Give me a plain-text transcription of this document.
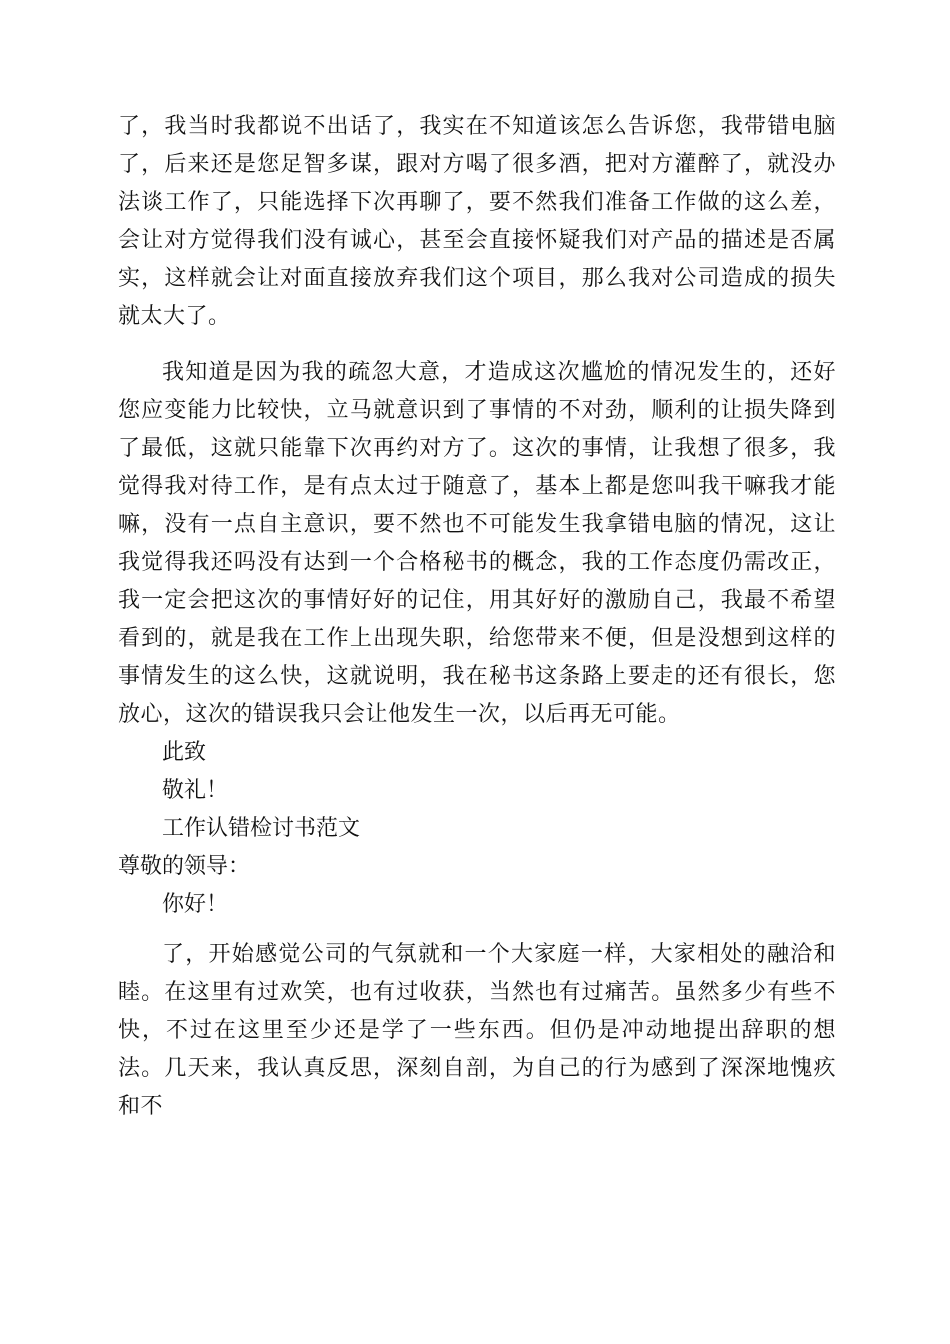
了，我当时我都说不出话了，我实在不知道该怎么告诉您，我带错电脑了，后来还是您足智多谋，跟对方喝了很多酒，把对方灌醉了，就没办法谈工作了，只能选择下次再聊了，要不然我们准备工作做的这么差，会让对方觉得我们没有诚心，甚至会直接怀疑我们对产品的描述是否属实，这样就会让对面直接放弃我们这个项目，那么我对公司造成的损失就太大了。

我知道是因为我的疏忽大意，才造成这次尴尬的情况发生的，还好您应变能力比较快，立马就意识到了事情的不对劲，顺利的让损失降到了最低，这就只能靠下次再约对方了。这次的事情，让我想了很多，我觉得我对待工作，是有点太过于随意了，基本上都是您叫我干嘛我才能嘛，没有一点自主意识，要不然也不可能发生我拿错电脑的情况，这让我觉得我还吗没有达到一个合格秘书的概念，我的工作态度仍需改正，我一定会把这次的事情好好的记住，用其好好的激励自己，我最不希望看到的，就是我在工作上出现失职，给您带来不便，但是没想到这样的事情发生的这么快，这就说明，我在秘书这条路上要走的还有很长，您放心，这次的错误我只会让他发生一次，以后再无可能。

此致

敬礼！

工作认错检讨书范文

尊敬的领导：

你好！

了，开始感觉公司的气氛就和一个大家庭一样，大家相处的融洽和睦。在这里有过欢笑，也有过收获，当然也有过痛苦。虽然多少有些不快，不过在这里至少还是学了一些东西。但仍是冲动地提出辞职的想法。几天来，我认真反思，深刻自剖，为自己的行为感到了深深地愧疚和不
